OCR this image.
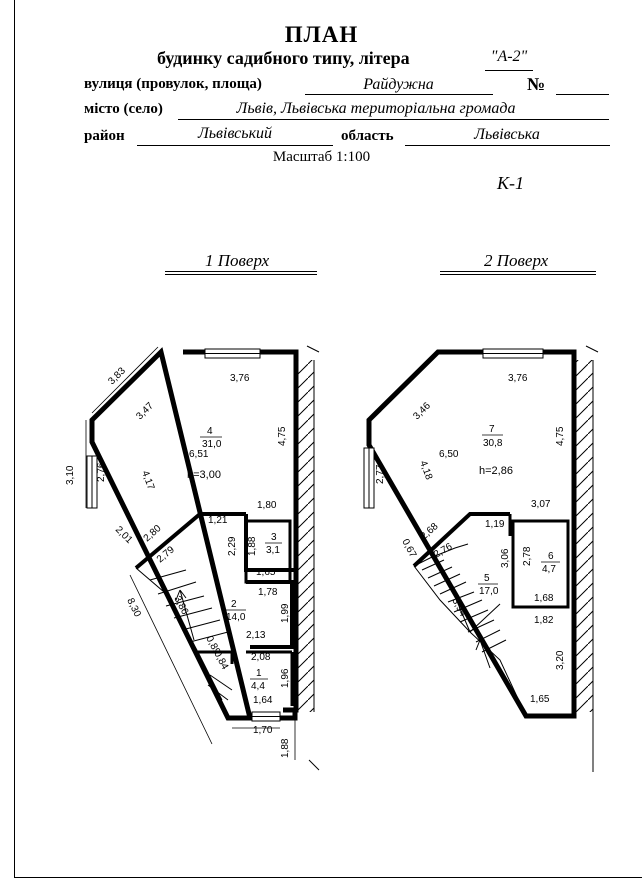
ПЛАН
будинку садибного типу, літера	"А-2"
вулиця (провулок, площа)	Райдужна	№
місто (село)	Львів, Львівська територіальна громада
район	Львівський	область	Львівська
Масштаб 1:100
К-1
1 Поверх	2 Поверх
3,83	3,76
3,47
4,75
3,10 2,76	4,17
6,51
1,80
2,01 2,80
1,21
2,79	2,29 1,88
1,65
1,78
1,99
8,30	3,86
2,13
0,89
2,08
0,84
1,96
1,64
1,70
1,88
4
31,0
h=3,00
3
3,1
2
14,0
1
4,4
3,76
3,46
4,75
2,77	4,18
6,50
3,07
2,68	1,19
0,67 2,76	3,06 2,78
1,68
1,82
3,20
1,65
3,94
7
30,8
h=2,86
6
4,7
5
17,0
